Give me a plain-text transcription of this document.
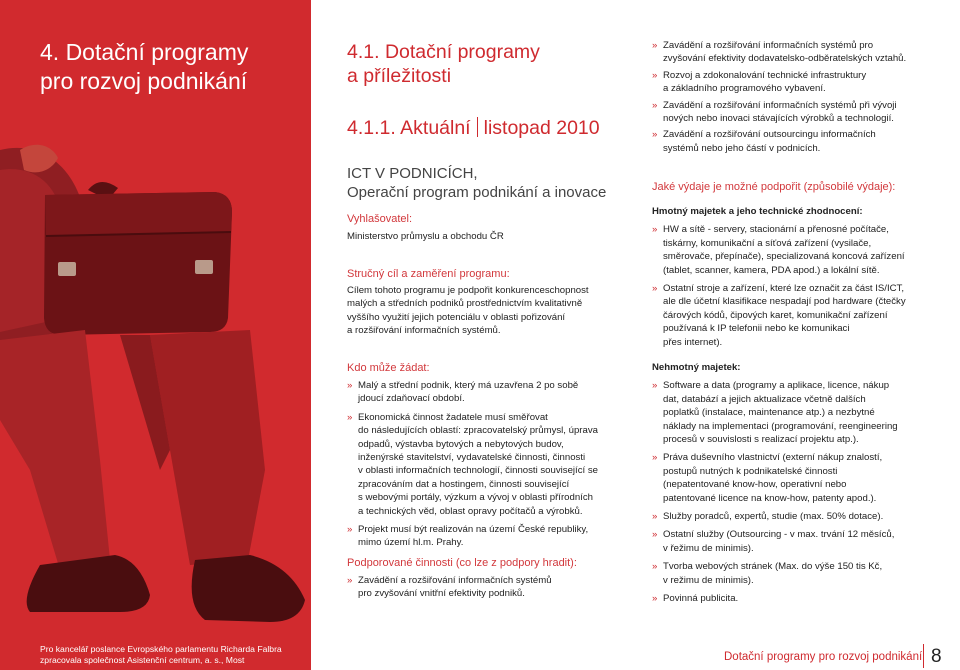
4. Dotační programy
pro rozvoj podnikání
Pro kancelář poslance Evropského parlamentu Richarda Falbra
zpracovala společnost Asistenční centrum, a. s., Most
4.1. Dotační programy
a příležitosti
4.1.1. Aktuální listopad 2010
ICT V PODNICÍCH,
Operační program podnikání a inovace
Vyhlašovatel:
Ministerstvo průmyslu a obchodu ČR
Stručný cíl a zaměření programu:
Cílem tohoto programu je podpořit konkurenceschopnost
malých a středních podniků prostřednictvím kvalitativně
vyššího využití jejich potenciálu v oblasti pořizování
a rozšiřování informačních systémů.
Kdo může žádat:
» Malý a střední podnik, který má uzavřena 2 po sobě
jdoucí zdaňovací období.
» Ekonomická činnost žadatele musí směřovat
do následujících oblastí: zpracovatelský průmysl, úprava
odpadů, výstavba bytových a nebytových budov,
inženýrské stavitelství, vydavatelské činnosti, činnosti
v oblasti informačních technologií, činnosti související se
zpracováním dat a hostingem, činnosti související
s webovými portály, výzkum a vývoj v oblasti přírodních
a technických věd, oblast opravy počítačů a výrobků.
» Projekt musí být realizován na území České republiky,
mimo území hl.m. Prahy.
Podporované činnosti (co lze z podpory hradit):
» Zavádění a rozšiřování informačních systémů
pro zvyšování vnitřní efektivity podniků.
» Zavádění a rozšiřování informačních systémů pro
zvyšování efektivity dodavatelsko-odběratelských vztahů.
» Rozvoj a zdokonalování technické infrastruktury
a základního programového vybavení.
» Zavádění a rozšiřování informačních systémů při vývoji
nových nebo inovaci stávajících výrobků a technologií.
» Zavádění a rozšiřování outsourcingu informačních
systémů nebo jeho částí v podnicích.
Jaké výdaje je možné podpořit (způsobilé výdaje):
Hmotný majetek a jeho technické zhodnocení:
» HW a sítě - servery, stacionární a přenosné počítače,
tiskárny, komunikační a síťová zařízení (vysilače,
směrovače, přepínače), specializovaná koncová zařízení
(tablet, scanner, kamera, PDA apod.) a lokální sítě.
» Ostatní stroje a zařízení, které lze označit za část IS/ICT,
ale dle účetní klasifikace nespadají pod hardware (čtečky
čárových kódů, čipových karet, komunikační zařízení
používaná k IP telefonii nebo ke komunikaci
přes internet).
Nehmotný majetek:
» Software a data (programy a aplikace, licence, nákup
dat, databází a jejich aktualizace včetně dalších
poplatků (instalace, maintenance atp.) a nezbytné
náklady na implementaci (programování, reengineering
procesů v souvislosti s realizací projektu atp.).
» Práva duševního vlastnictví (externí nákup znalostí,
postupů nutných k podnikatelské činnosti
(nepatentované know-how, operativní nebo
patentované licence na know-how, patenty apod.).
» Služby poradců, expertů, studie (max. 50% dotace).
» Ostatní služby (Outsourcing - v max. trvání 12 měsíců,
v řežimu de minimis).
» Tvorba webových stránek (Max. do výše 150 tis Kč,
v režimu de minimis).
» Povinná publicita.
Dotační programy pro rozvoj podnikání 8
